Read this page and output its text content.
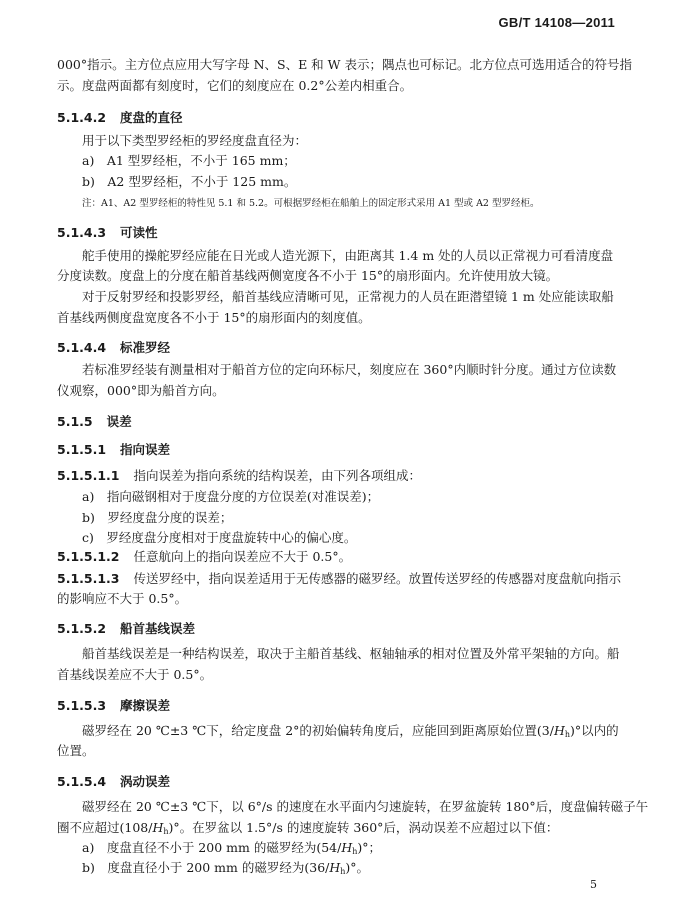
GB/T 14108—2011
000°指示。主方位点应用大写字母 N、S、E 和 W 表示；隅点也可标记。北方位点可选用适合的符号指
示。度盘两面都有刻度时，它们的刻度应在 0.2°公差内相重合。
5.1.4.2 度盘的直径
用于以下类型罗经柜的罗经度盘直径为：
a)　A1 型罗经柜，不小于 165 mm；
b)　A2 型罗经柜，不小于 125 mm。
注：A1、A2 型罗经柜的特性见 5.1 和 5.2。可根据罗经柜在船舶上的固定形式采用 A1 型或 A2 型罗经柜。
5.1.4.3 可读性
舵手使用的操舵罗经应能在日光或人造光源下，由距离其 1.4 m 处的人员以正常视力可看清度盘
分度读数。度盘上的分度在船首基线两侧宽度各不小于 15°的扇形面内。允许使用放大镜。
对于反射罗经和投影罗经，船首基线应清晰可见，正常视力的人员在距潜望镜 1 m 处应能读取船
首基线两侧度盘宽度各不小于 15°的扇形面内的刻度值。
5.1.4.4 标准罗经
若标准罗经装有测量相对于船首方位的定向环标尺，刻度应在 360°内顺时针分度。通过方位读数
仪观察，000°即为船首方向。
5.1.5 误差
5.1.5.1 指向误差
5.1.5.1.1 指向误差为指向系统的结构误差，由下列各项组成：
a)　指向磁钢相对于度盘分度的方位误差(对准误差)；
b)　罗经度盘分度的误差；
c)　罗经度盘分度相对于度盘旋转中心的偏心度。
5.1.5.1.2 任意航向上的指向误差应不大于 0.5°。
5.1.5.1.3 传送罗经中，指向误差适用于无传感器的磁罗经。放置传送罗经的传感器对度盘航向指示
的影响应不大于 0.5°。
5.1.5.2 船首基线误差
船首基线误差是一种结构误差，取决于主船首基线、枢轴轴承的相对位置及外常平架轴的方向。船
首基线误差应不大于 0.5°。
5.1.5.3 摩擦误差
磁罗经在 20 ℃±3 ℃下，给定度盘 2°的初始偏转角度后，应能回到距离原始位置$(3/H_h)^\circ$以内的
位置。
5.1.5.4 涡动误差
磁罗经在 20 ℃±3 ℃下，以 6°/s 的速度在水平面内匀速旋转，在罗盆旋转 180°后，度盘偏转磁子午
圈不应超过$(108/H_h)^\circ$。在罗盆以 1.5°/s 的速度旋转 360°后，涡动误差不应超过以下值：
a)　度盘直径不小于 200 mm 的磁罗经为$(54/H_h)^\circ$；
b)　度盘直径小于 200 mm 的磁罗经为$(36/H_h)^\circ$。
5
